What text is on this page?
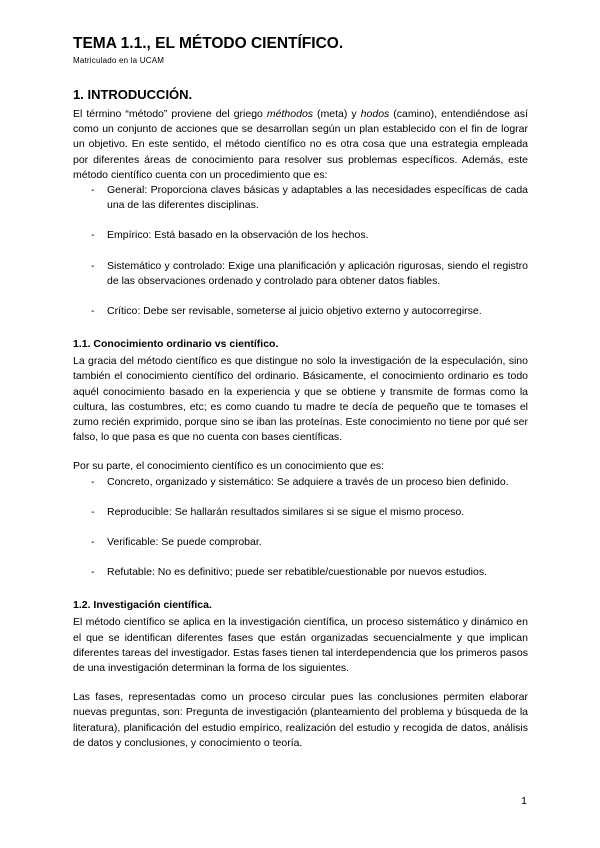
TEMA 1.1., EL MÉTODO CIENTÍFICO.
Matriculado en la UCAM
1. INTRODUCCIÓN.

El término “método” proviene del griego méthodos (meta) y hodos (camino), entendiéndose así como un conjunto de acciones que se desarrollan según un plan establecido con el fin de lograr un objetivo. En este sentido, el método científico no es otra cosa que una estrategia empleada por diferentes áreas de conocimiento para resolver sus problemas específicos. Además, este método científico cuenta con un procedimiento que es:

- General: Proporciona claves básicas y adaptables a las necesidades específicas de cada una de las diferentes disciplinas.
- Empírico: Está basado en la observación de los hechos.
- Sistemático y controlado: Exige una planificación y aplicación rigurosas, siendo el registro de las observaciones ordenado y controlado para obtener datos fiables.
- Crítico: Debe ser revisable, someterse al juicio objetivo externo y autocorregirse.
1.1. Conocimiento ordinario vs científico.

La gracia del método científico es que distingue no solo la investigación de la especulación, sino también el conocimiento científico del ordinario. Básicamente, el conocimiento ordinario es todo aquél conocimiento basado en la experiencia y que se obtiene y transmite de formas como la cultura, las costumbres, etc; es como cuando tu madre te decía de pequeño que te tomases el zumo recién exprimido, porque sino se iban las proteínas. Este conocimiento no tiene por qué ser falso, lo que pasa es que no cuenta con bases científicas.

Por su parte, el conocimiento científico es un conocimiento que es:

- Concreto, organizado y sistemático: Se adquiere a través de un proceso bien definido.
- Reproducible: Se hallarán resultados similares si se sigue el mismo proceso.
- Verificable: Se puede comprobar.
- Refutable: No es definitivo; puede ser rebatible/cuestionable por nuevos estudios.
1.2. Investigación científica.

El método científico se aplica en la investigación científica, un proceso sistemático y dinámico en el que se identifican diferentes fases que están organizadas secuencialmente y que implican diferentes tareas del investigador. Estas fases tienen tal interdependencia que los primeros pasos de una investigación determinan la forma de los siguientes.

Las fases, representadas como un proceso circular pues las conclusiones permiten elaborar nuevas preguntas, son: Pregunta de investigación (planteamiento del problema y búsqueda de la literatura), planificación del estudio empírico, realización del estudio y recogida de datos, análisis de datos y conclusiones, y conocimiento o teoría.

1
